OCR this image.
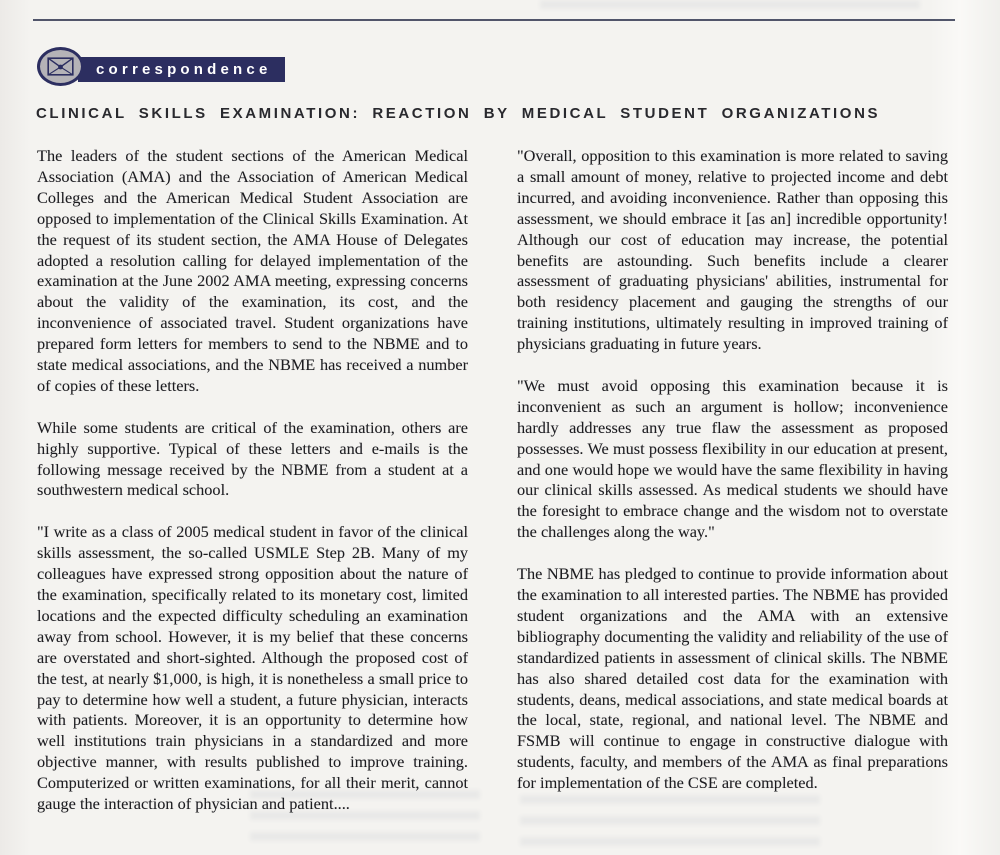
correspondence
CLINICAL SKILLS EXAMINATION: REACTION BY MEDICAL STUDENT ORGANIZATIONS

The leaders of the student sections of the American Medical Association (AMA) and the Association of American Medical Colleges and the American Medical Student Association are opposed to implementation of the Clinical Skills Examination. At the request of its student section, the AMA House of Delegates adopted a resolution calling for delayed implementation of the examination at the June 2002 AMA meeting, expressing concerns about the validity of the examination, its cost, and the inconvenience of associated travel. Student organizations have prepared form letters for members to send to the NBME and to state medical associations, and the NBME has received a number of copies of these letters.

While some students are critical of the examination, others are highly supportive. Typical of these letters and e-mails is the following message received by the NBME from a student at a southwestern medical school.

"I write as a class of 2005 medical student in favor of the clinical skills assessment, the so-called USMLE Step 2B. Many of my colleagues have expressed strong opposition about the nature of the examination, specifically related to its monetary cost, limited locations and the expected difficulty scheduling an examination away from school. However, it is my belief that these concerns are overstated and short-sighted. Although the proposed cost of the test, at nearly $1,000, is high, it is nonetheless a small price to pay to determine how well a student, a future physician, interacts with patients. Moreover, it is an opportunity to determine how well institutions train physicians in a standardized and more objective manner, with results published to improve training. Computerized or written examinations, for all their merit, cannot gauge the interaction of physician and patient....

"Overall, opposition to this examination is more related to saving a small amount of money, relative to projected income and debt incurred, and avoiding inconvenience. Rather than opposing this assessment, we should embrace it [as an] incredible opportunity! Although our cost of education may increase, the potential benefits are astounding. Such benefits include a clearer assessment of graduating physicians' abilities, instrumental for both residency placement and gauging the strengths of our training institutions, ultimately resulting in improved training of physicians graduating in future years.

"We must avoid opposing this examination because it is inconvenient as such an argument is hollow; inconvenience hardly addresses any true flaw the assessment as proposed possesses. We must possess flexibility in our education at present, and one would hope we would have the same flexibility in having our clinical skills assessed. As medical students we should have the foresight to embrace change and the wisdom not to overstate the challenges along the way."

The NBME has pledged to continue to provide information about the examination to all interested parties. The NBME has provided student organizations and the AMA with an extensive bibliography documenting the validity and reliability of the use of standardized patients in assessment of clinical skills. The NBME has also shared detailed cost data for the examination with students, deans, medical associations, and state medical boards at the local, state, regional, and national level. The NBME and FSMB will continue to engage in constructive dialogue with students, faculty, and members of the AMA as final preparations for implementation of the CSE are completed.
